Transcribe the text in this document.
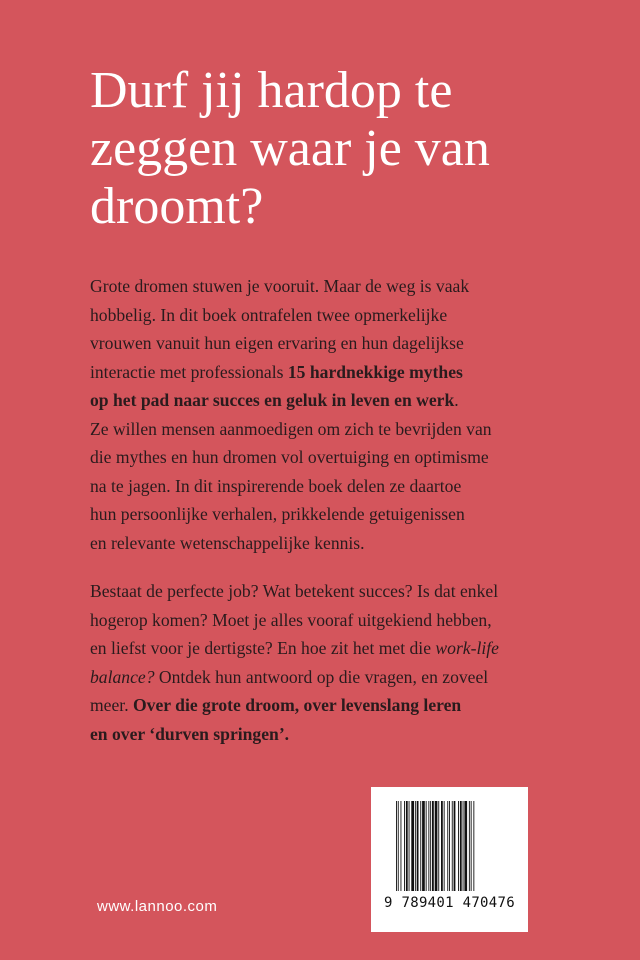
Durf jij hardop te
zeggen waar je van
droomt?

Grote dromen stuwen je vooruit. Maar de weg is vaak
hobbelig. In dit boek ontrafelen twee opmerkelijke
vrouwen vanuit hun eigen ervaring en hun dagelijkse
interactie met professionals 15 hardnekkige mythes
op het pad naar succes en geluk in leven en werk.
Ze willen mensen aanmoedigen om zich te bevrijden van
die mythes en hun dromen vol overtuiging en optimisme
na te jagen. In dit inspirerende boek delen ze daartoe
hun persoonlijke verhalen, prikkelende getuigenissen
en relevante wetenschappelijke kennis.

Bestaat de perfecte job? Wat betekent succes? Is dat enkel
hogerop komen? Moet je alles vooraf uitgekiend hebben,
en liefst voor je dertigste? En hoe zit het met die work-life
balance? Ontdek hun antwoord op die vragen, en zoveel
meer. Over die grote droom, over levenslang leren
en over ‘durven springen’.

www.lannoo.com	9 789401 470476
